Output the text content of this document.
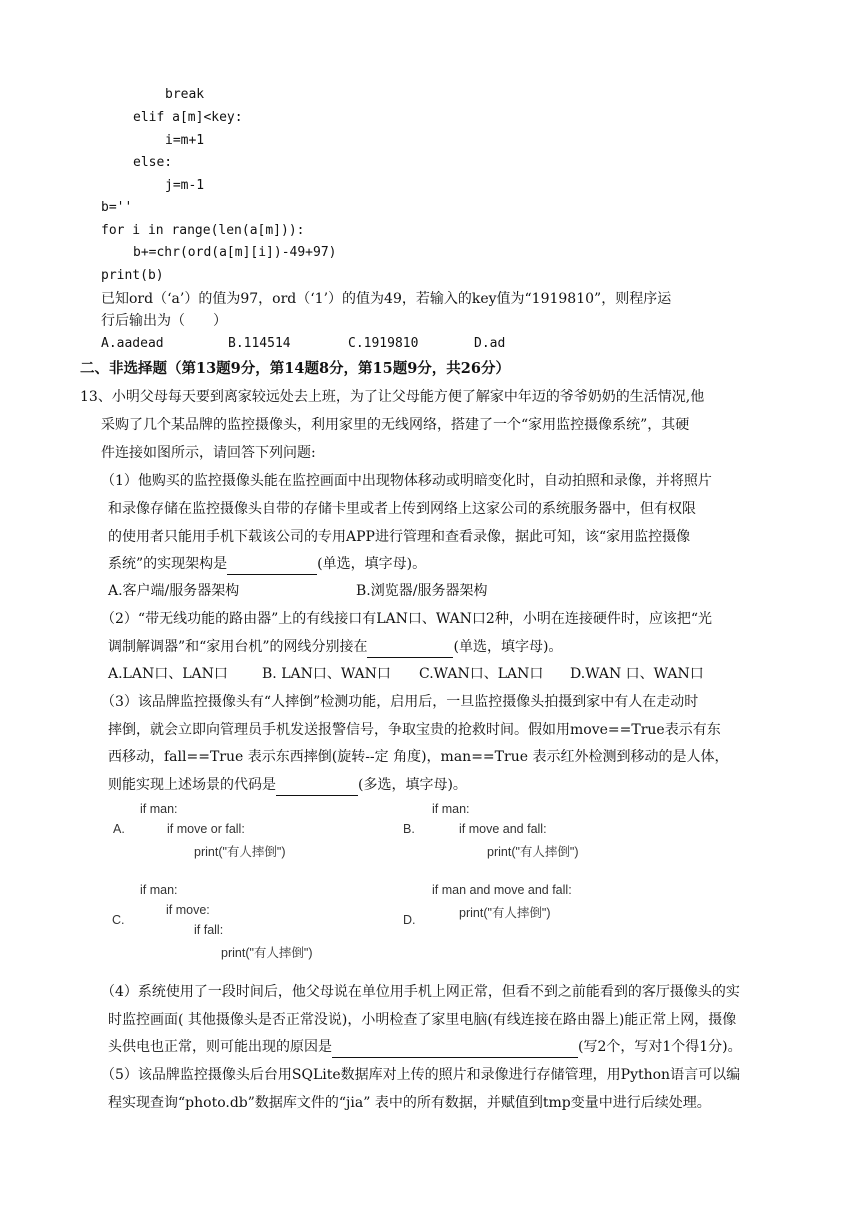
break
elif a[m]<key:
i=m+1
else:
j=m-1
b=''
for i in range(len(a[m])):
b+=chr(ord(a[m][i])-49+97)
print(b)
已知ord（‘a’）的值为97，ord（‘1’）的值为49，若输入的key值为“1919810”，则程序运
行后输出为（　　）
A.aadead	B.114514	C.1919810	D.ad
二、非选择题（第13题9分，第14题8分，第15题9分，共26分）
13、小明父母每天要到离家较远处去上班，为了让父母能方便了解家中年迈的爷爷奶奶的生活情况,他
采购了几个某品牌的监控摄像头，利用家里的无线网络，搭建了一个“家用监控摄像系统”，其硬
件连接如图所示，请回答下列问题:
（1）他购买的监控摄像头能在监控画面中出现物体移动或明暗变化时，自动拍照和录像，并将照片
和录像存储在监控摄像头自带的存储卡里或者上传到网络上这家公司的系统服务器中，但有权限
的使用者只能用手机下载该公司的专用APP进行管理和查看录像，据此可知，该“家用监控摄像
系统”的实现架构是	(单选，填字母)。
A.客户端/服务器架构	B.浏览器/服务器架构
（2）“带无线功能的路由器”上的有线接口有LAN口、WAN口2种，小明在连接硬件时，应该把“光
调制解调器”和“家用台机”的网线分别接在	(单选，填字母)。
A.LAN口、LAN口 B. LAN口、WAN口 C.WAN口、LAN口 D.WAN 口、WAN口
（3）该品牌监控摄像头有“人摔倒”检测功能，启用后，一旦监控摄像头拍摄到家中有人在走动时
摔倒，就会立即向管理员手机发送报警信号，争取宝贵的抢救时间。假如用move==True表示有东
西移动，fall==True 表示东西摔倒(旋转--定 角度)，man==True 表示红外检测到移动的是人体，
则能实现上述场景的代码是	(多选，填字母)。
A.
if man:
if move or fall:
print("有人摔倒")
B.
if man:
if move and fall:
print("有人摔倒")
C.
if man:
if move:
if fall:
print("有人摔倒")
D.
if man and move and fall:
print("有人摔倒")
（4）系统使用了一段时间后，他父母说在单位用手机上网正常，但看不到之前能看到的客厅摄像头的实
时监控画面( 其他摄像头是否正常没说)，小明检查了家里电脑(有线连接在路由器上)能正常上网，摄像
头供电也正常，则可能出现的原因是	(写2个，写对1个得1分)。
（5）该品牌监控摄像头后台用SQLite数据库对上传的照片和录像进行存储管理，用Python语言可以编
程实现查询“photo.db”数据库文件的“jia” 表中的所有数据，并赋值到tmp变量中进行后续处理。
